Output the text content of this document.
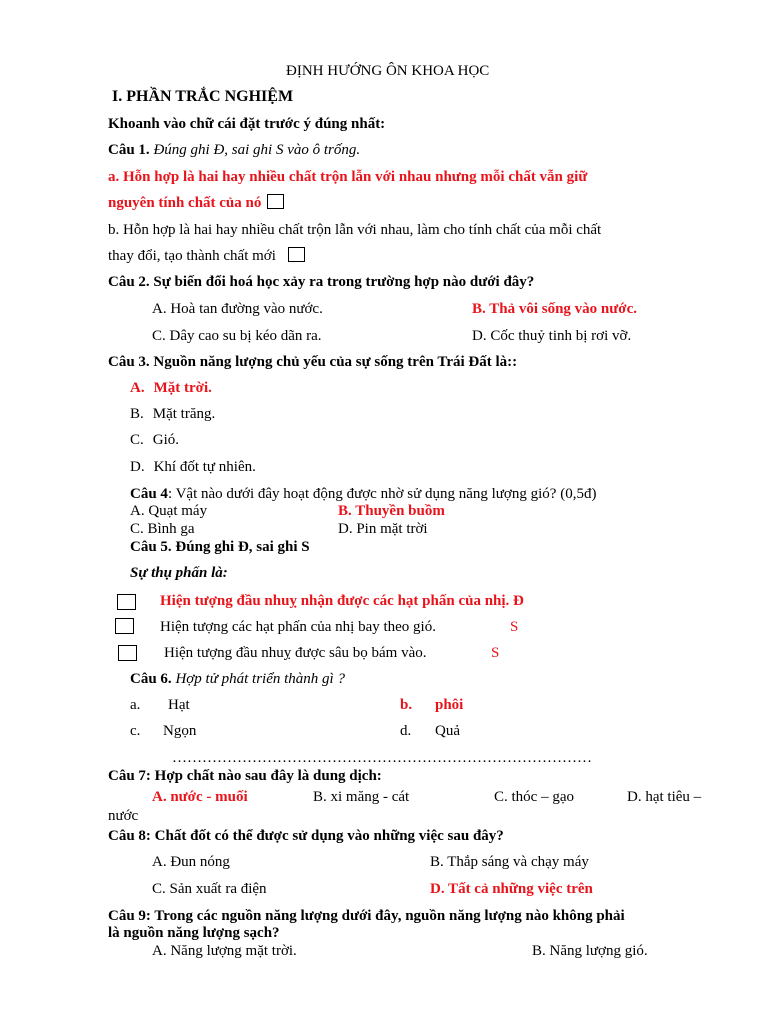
ĐỊNH HƯỚNG ÔN KHOA HỌC
I. PHẦN TRẮC NGHIỆM
Khoanh vào chữ cái đặt trước ý đúng nhất:
Câu 1. Đúng ghi Đ, sai ghi S vào ô trống.
a. Hỗn hợp là hai hay nhiều chất trộn lẫn với nhau nhưng mỗi chất vẫn giữ
nguyên tính chất của nó
b. Hỗn hợp là hai hay nhiều chất trộn lẫn với nhau, làm cho tính chất của mỗi chất
thay đổi, tạo thành chất mới
Câu 2. Sự biến đổi hoá học xảy ra trong trường hợp nào dưới đây?
A. Hoà tan đường vào nước.	B. Thả vôi sống vào nước.
C. Dây cao su bị kéo dãn ra.	D. Cốc thuỷ tinh bị rơi vỡ.
Câu 3. Nguồn năng lượng chủ yếu của sự sống trên Trái Đất là::
A. Mặt trời.
B. Mặt trăng.
C. Gió.
D. Khí đốt tự nhiên.
Câu 4: Vật nào dưới đây hoạt động được nhờ sử dụng năng lượng gió? (0,5đ)
A. Quạt máy	B. Thuyền buồm
C. Bình ga	D. Pin mặt trời
Câu 5. Đúng ghi Đ, sai ghi S
Sự thụ phấn là:
Hiện tượng đầu nhuỵ nhận được các hạt phấn của nhị. Đ
Hiện tượng các hạt phấn của nhị bay theo gió.	S
Hiện tượng đầu nhuỵ được sâu bọ bám vào.	S
Câu 6. Hợp tử phát triển thành gì ?
a. Hạt	b. phôi
c. Ngọn	d. Quả
…………………………………………………………………………
Câu 7: Hợp chất nào sau đây là dung dịch:
A. nước - muối	B. xi măng - cát	C. thóc – gạo	D. hạt tiêu –
nước
Câu 8: Chất đốt có thể được sử dụng vào những việc sau đây?
A. Đun nóng	B. Thắp sáng và chạy máy
C. Sản xuất ra điện	D. Tất cả những việc trên
Câu 9: Trong các nguồn năng lượng dưới đây, nguồn năng lượng nào không phải
là nguồn năng lượng sạch?
A. Năng lượng mặt trời.	B. Năng lượng gió.
